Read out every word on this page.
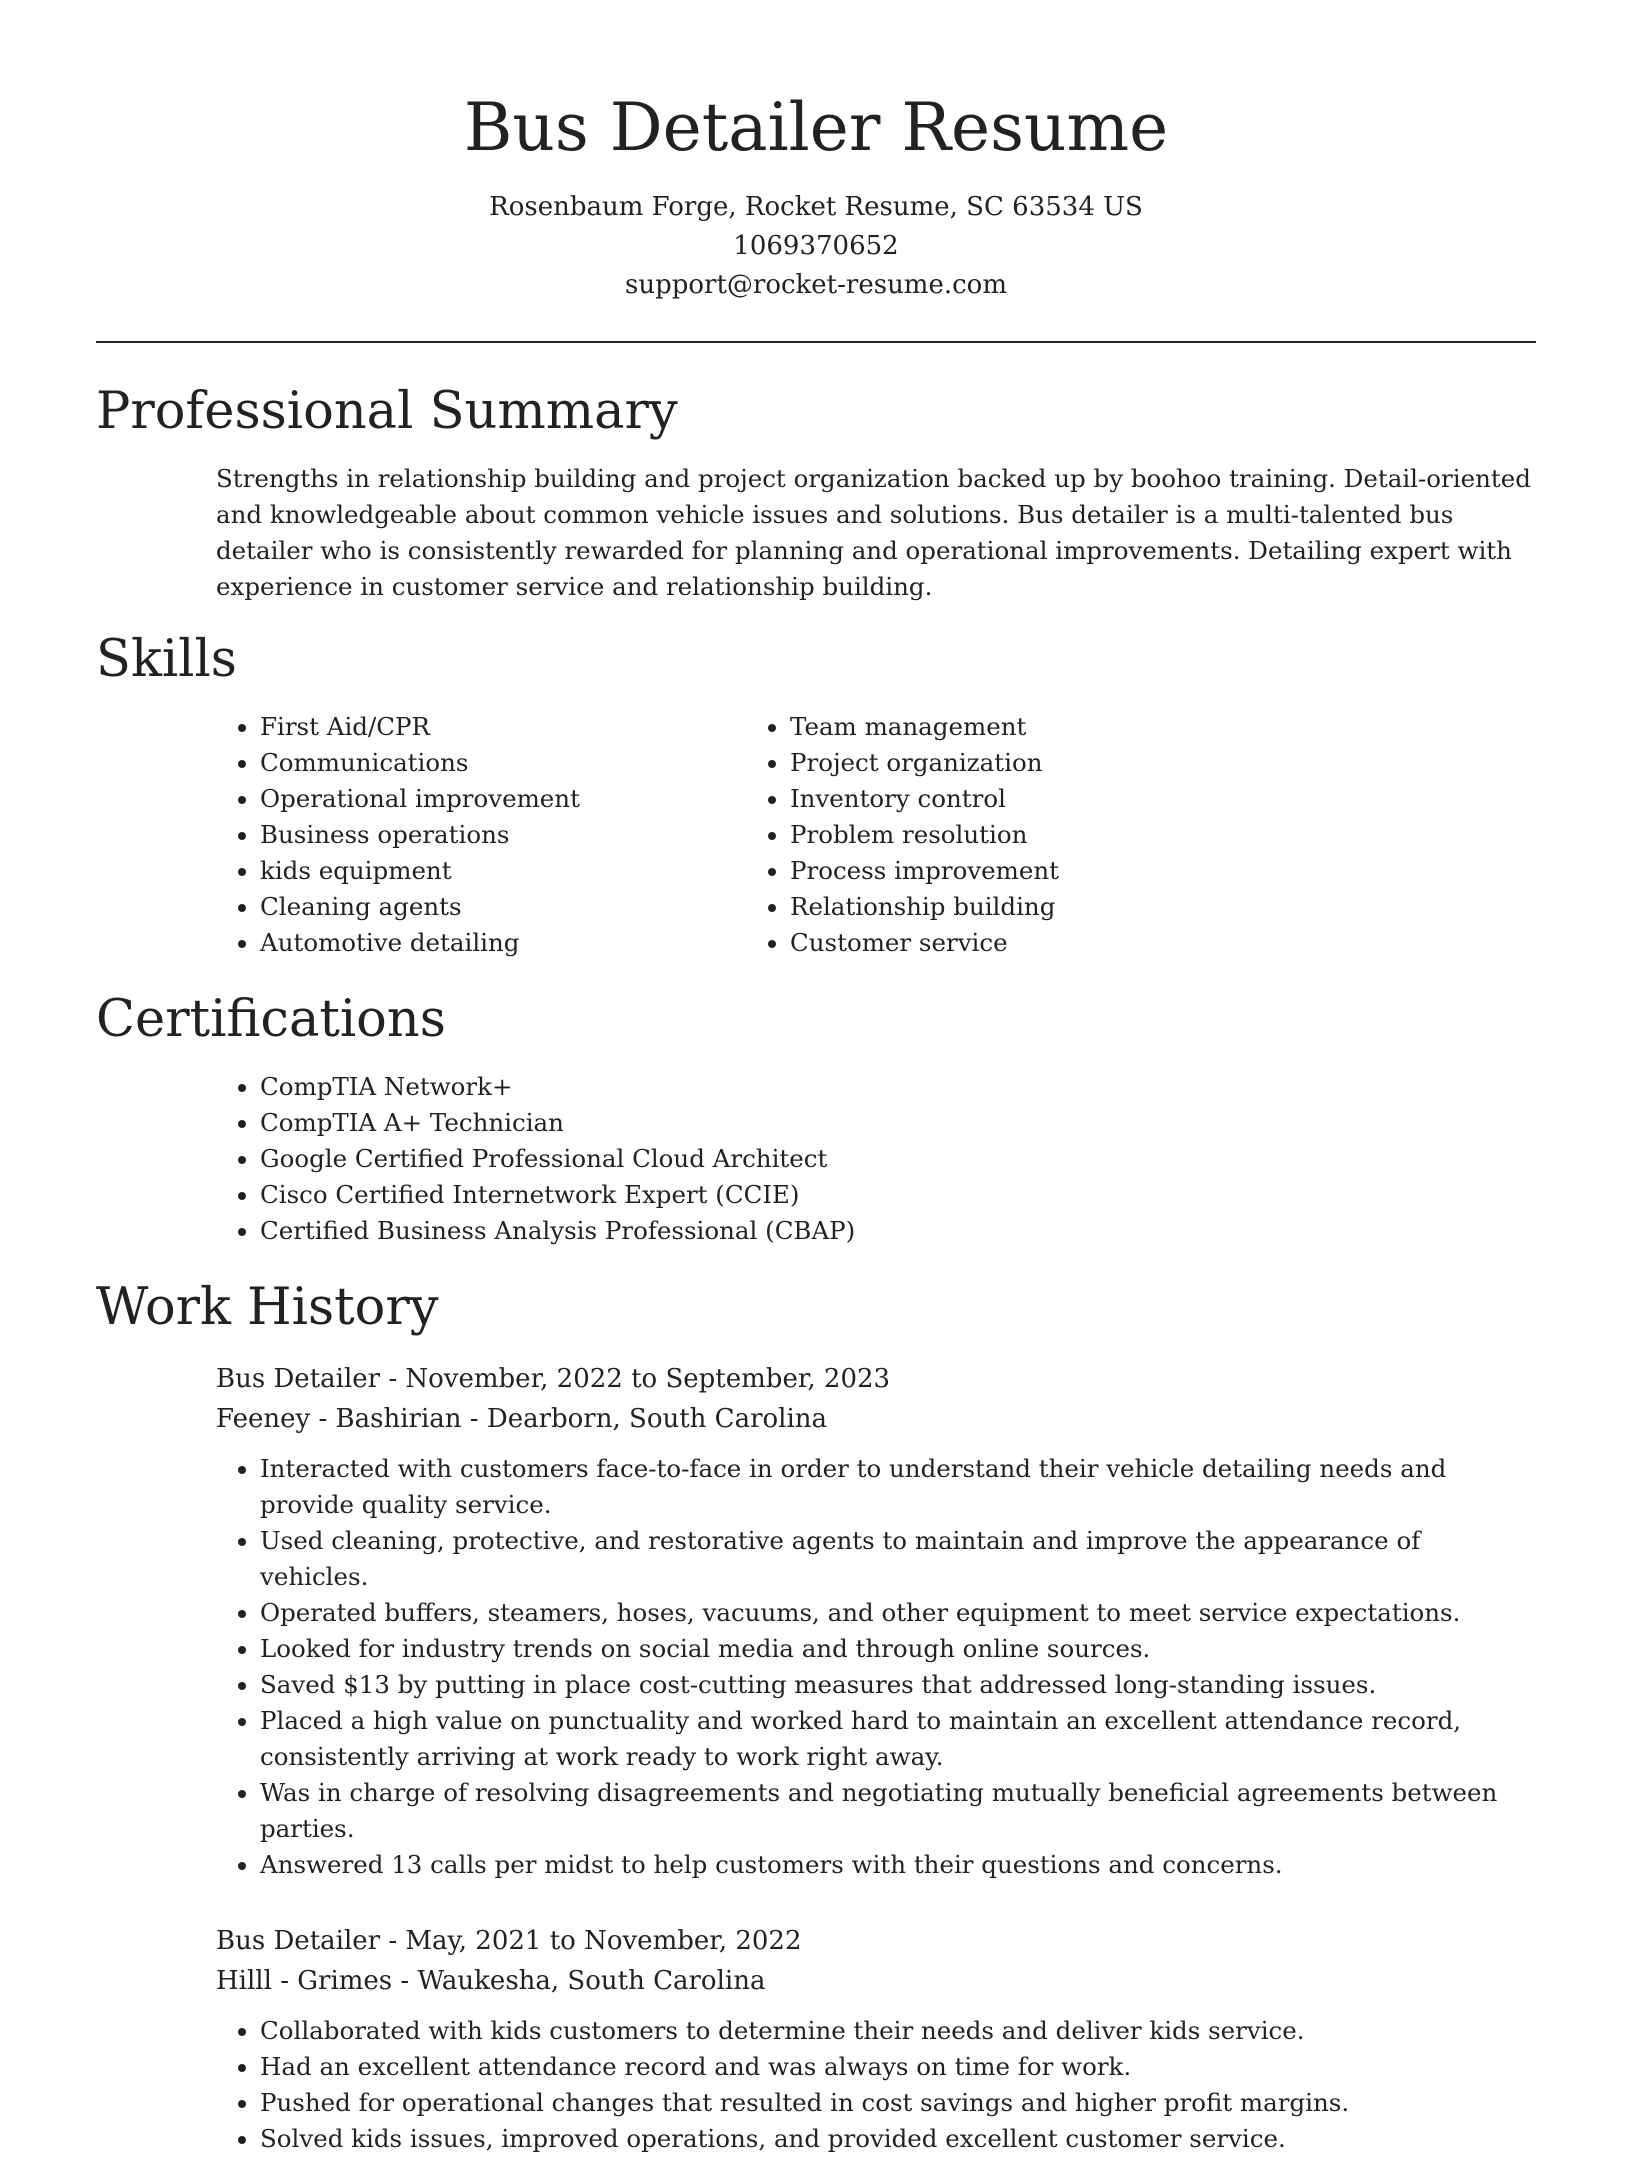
Bus Detailer Resume

Rosenbaum Forge, Rocket Resume, SC 63534 US

1069370652

support@rocket-resume.com

Professional Summary

Strengths in relationship building and project organization backed up by boohoo training. Detail-oriented and knowledgeable about common vehicle issues and solutions. Bus detailer is a multi-talented bus detailer who is consistently rewarded for planning and operational improvements. Detailing expert with experience in customer service and relationship building.

Skills
• First Aid/CPR
• Communications
• Operational improvement
• Business operations
• kids equipment
• Cleaning agents
• Automotive detailing
• Team management
• Project organization
• Inventory control
• Problem resolution
• Process improvement
• Relationship building
• Customer service
Certifications
• CompTIA Network+
• CompTIA A+ Technician
• Google Certified Professional Cloud Architect
• Cisco Certified Internetwork Expert (CCIE)
• Certified Business Analysis Professional (CBAP)
Work History

Bus Detailer - November, 2022 to September, 2023

Feeney - Bashirian - Dearborn, South Carolina

• Interacted with customers face-to-face in order to understand their vehicle detailing needs and provide quality service.
• Used cleaning, protective, and restorative agents to maintain and improve the appearance of vehicles.
• Operated buffers, steamers, hoses, vacuums, and other equipment to meet service expectations.
• Looked for industry trends on social media and through online sources.
• Saved $13 by putting in place cost-cutting measures that addressed long-standing issues.
• Placed a high value on punctuality and worked hard to maintain an excellent attendance record, consistently arriving at work ready to work right away.
• Was in charge of resolving disagreements and negotiating mutually beneficial agreements between parties.
• Answered 13 calls per midst to help customers with their questions and concerns.

Bus Detailer - May, 2021 to November, 2022

Hilll - Grimes - Waukesha, South Carolina

• Collaborated with kids customers to determine their needs and deliver kids service.
• Had an excellent attendance record and was always on time for work.
• Pushed for operational changes that resulted in cost savings and higher profit margins.
• Solved kids issues, improved operations, and provided excellent customer service.
